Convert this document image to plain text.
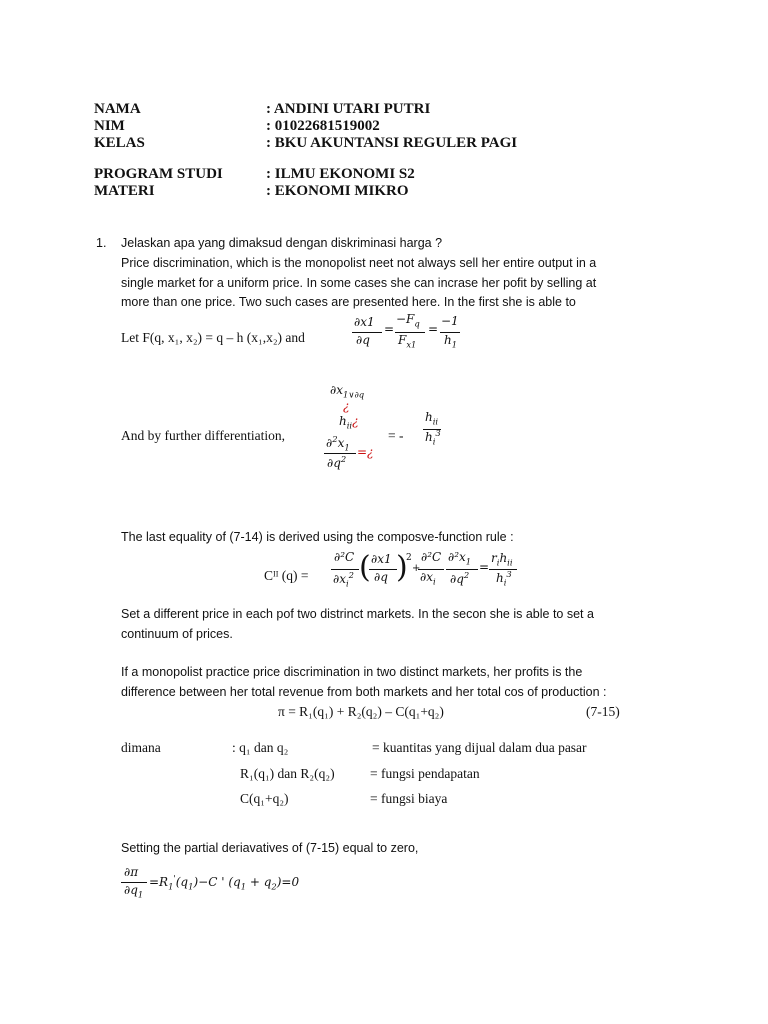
NAMA	: ANDINI UTARI PUTRI
NIM	: 01022681519002
KELAS	: BKU AKUNTANSI REGULER PAGI
PROGRAM STUDI	: ILMU EKONOMI S2
MATERI	: EKONOMI MIKRO
1. Jelaskan apa yang dimaksud dengan diskriminasi harga ?
Price discrimination, which is the monopolist neet not always sell her entire output in a
single market for a uniform price. In some cases she can incrase her pofit by selling at
more than one price. Two such cases are presented here. In the first she is able to
Let F(q, x₁, x₂) = q – h (x₁,x₂) and
∂x1
∂q
=
$-F_q$
$F_{x1}$
=
−1
$h_1$
And by further differentiation,
$\partial x_{1\vee\partial q}$
¿
$h_{ii}¿$
$\partial^2x_1$
$\partial q^2$ =¿
= -
$h_{ii}$
$h_i^3$
The last equality of (7-14) is derived using the composve-function rule :
Cᴵᴵ (q) =
∂²C
$\partial x_i^2$ ( ∂x1
∂q )
2
+
∂²C
$\partial x_i$
$\partial^2x_1$
$\partial q^2$
=
$r_ih_{ii}$
$h_i^3$
Set a different price in each pof two distrinct markets. In the secon she is able to set a
continuum of prices.
If a monopolist practice price discrimination in two distinct markets, her profits is the
difference between her total revenue from both markets and her total cos of production :
π = R₁(q₁) + R₂(q₂) – C(q₁+q₂)	(7-15)
dimana	: q₁ dan q₂	= kuantitas yang dijual dalam dua pasar
R₁(q₁) dan R₂(q₂)	= fungsi pendapatan
C(q₁+q₂)	= fungsi biaya
Setting the partial deriavatives of (7-15) equal to zero,
∂π
$\partial q_1$
$=R_1'(q_1)-C$ ' $(q_1 + q_2)=0$
